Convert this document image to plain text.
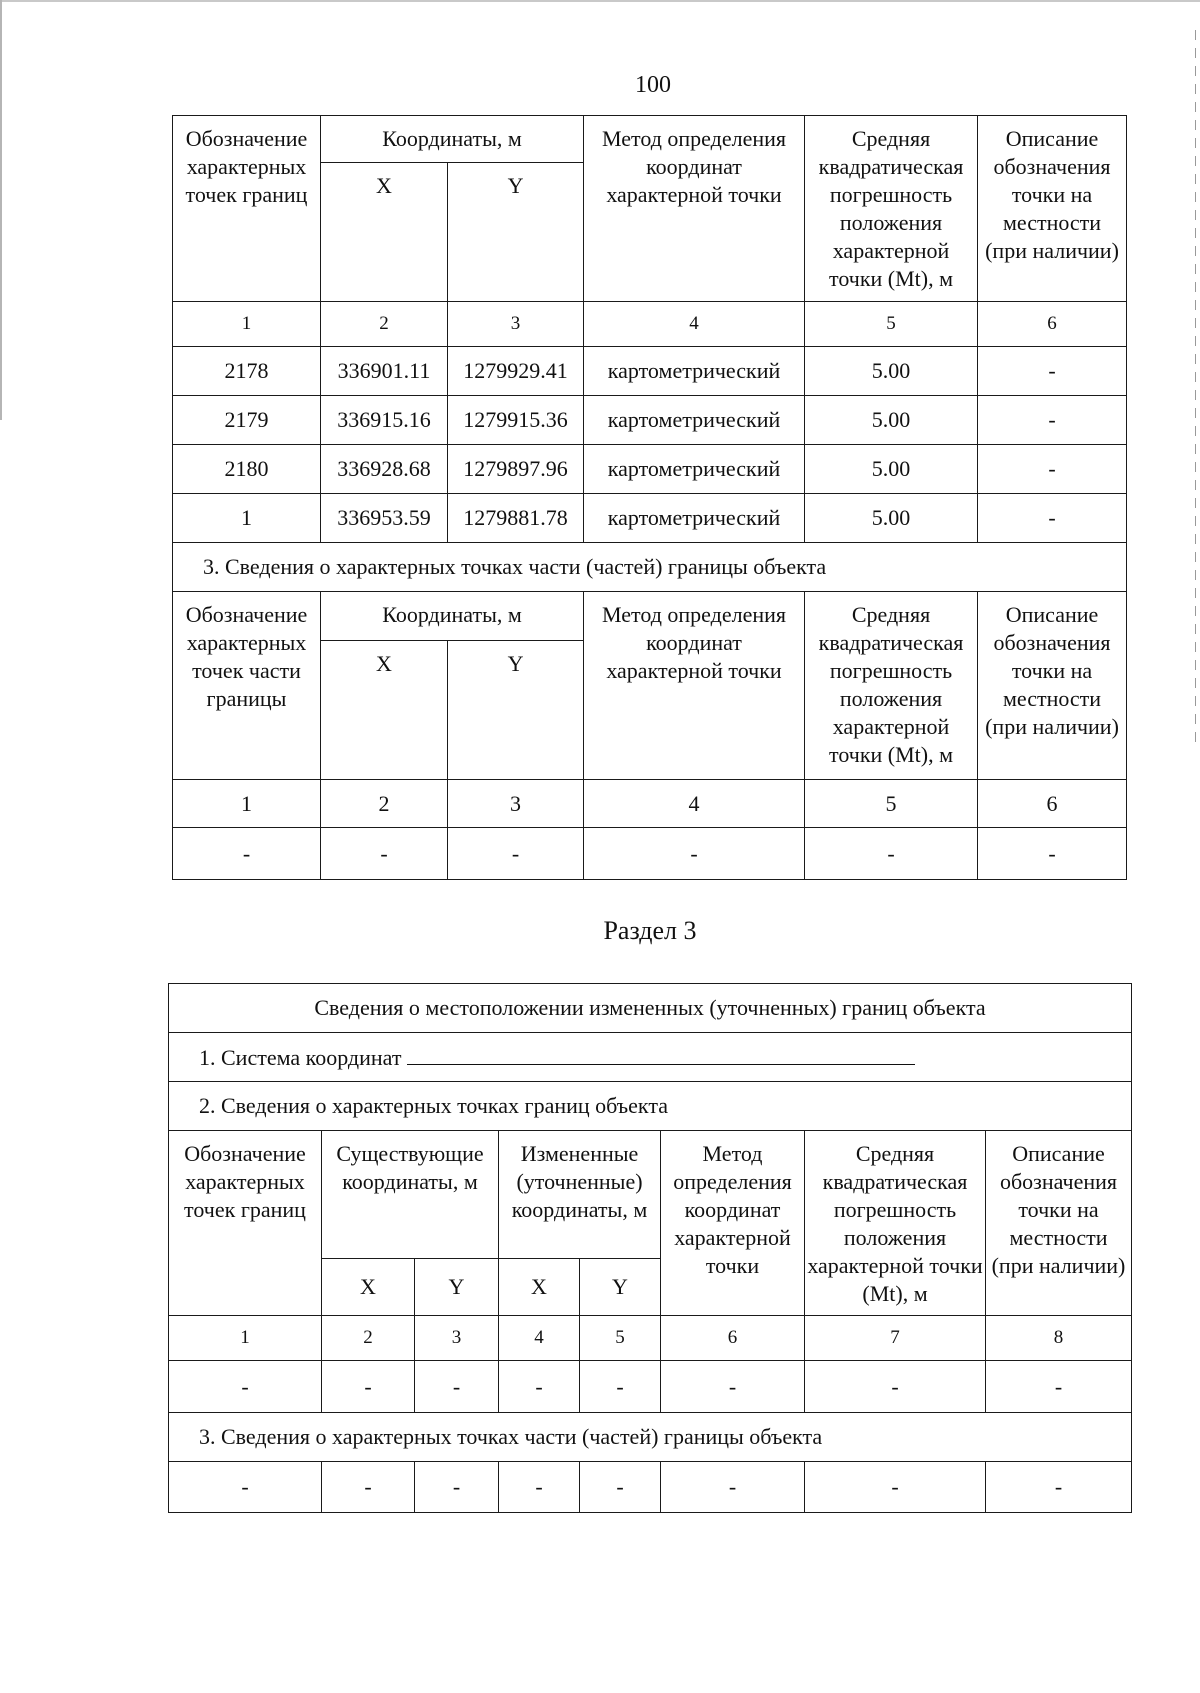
100
Обозначение характерных точек границ	Координаты, м		Метод определения координат характерной точки	Средняя квадратическая погрешность положения характерной точки (Mt), м	Описание обозначения точки на местности (при наличии)
	X	Y			
1	2	3	4	5	6
2178	336901.11	1279929.41	картометрический	5.00	-
2179	336915.16	1279915.36	картометрический	5.00	-
2180	336928.68	1279897.96	картометрический	5.00	-
1	336953.59	1279881.78	картометрический	5.00	-
3. Сведения о характерных точках части (частей) границы объекта					
Обозначение характерных точек части границы	Координаты, м		Метод определения координат характерной точки	Средняя квадратическая погрешность положения характерной точки (Mt), м	Описание обозначения точки на местности (при наличии)
	X	Y			
1	2	3	4	5	6
-	-	-	-	-	-
Раздел 3
Сведения о местоположении измененных (уточненных) границ объекта							
1. Система координат							
2. Сведения о характерных точках границ объекта							
Обозначение характерных точек границ	Существующие координаты, м		Измененные (уточненные) координаты, м		Метод определения координат характерной точки	Средняя квадратическая погрешность положения характерной точки (Mt), м	Описание обозначения точки на местности (при наличии)
	X	Y	X	Y			
1	2	3	4	5	6	7	8
-	-	-	-	-	-	-	-
3. Сведения о характерных точках части (частей) границы объекта							
-	-	-	-	-	-	-	-
